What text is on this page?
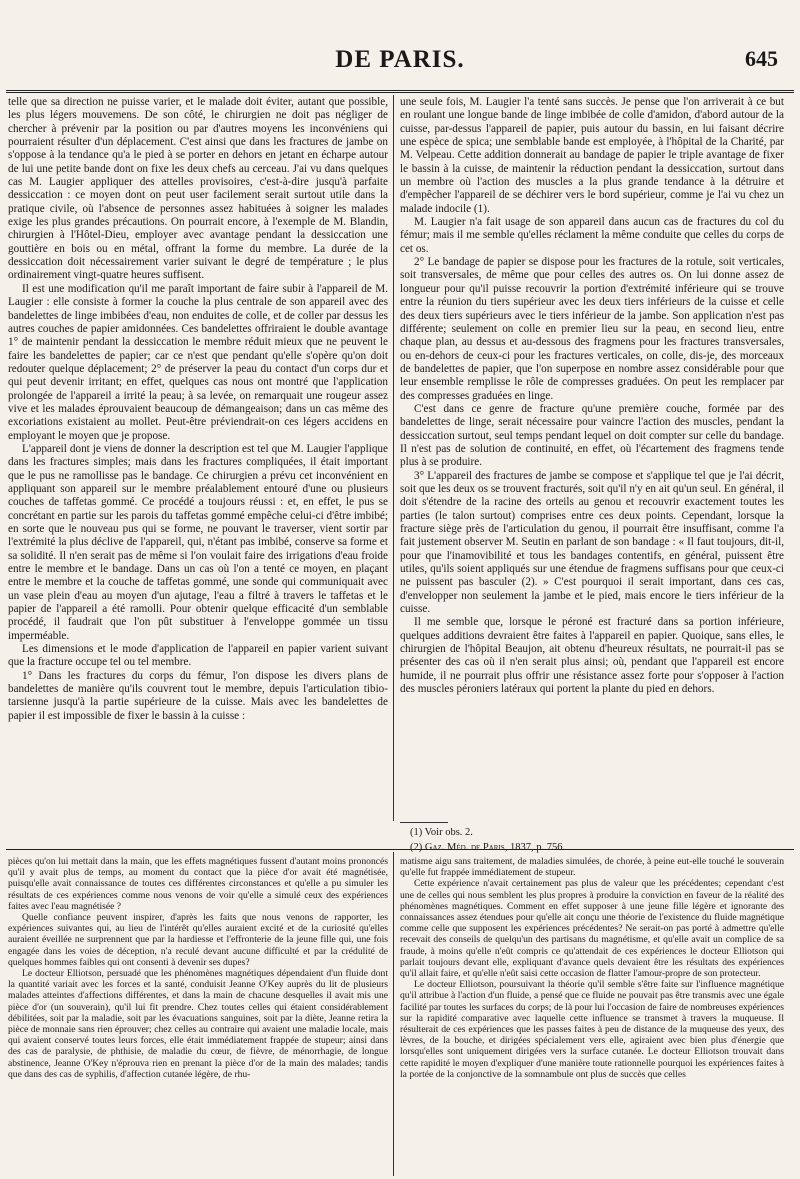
DE PARIS.	645

telle que sa direction ne puisse varier, et le malade doit éviter, autant que possible, les plus légers mouvemens. De son côté, le chirurgien ne doit pas négliger de chercher à prévenir par la position ou par d'autres moyens les inconvéniens qui pourraient résulter d'un déplacement. C'est ainsi que dans les fractures de jambe on s'oppose à la tendance qu'a le pied à se porter en dehors en jetant en écharpe autour de lui une petite bande dont on fixe les deux chefs au cerceau. J'ai vu dans quelques cas M. Laugier appliquer des attelles provisoires, c'est-à-dire jusqu'à parfaite dessiccation : ce moyen dont on peut user facilement serait surtout utile dans la pratique civile, où l'absence de personnes assez habituées à soigner les malades exige les plus grandes précautions. On pourrait encore, à l'exemple de M. Blandin, chirurgien à l'Hôtel-Dieu, employer avec avantage pendant la dessiccation une gouttière en bois ou en métal, offrant la forme du membre. La durée de la dessiccation doit nécessairement varier suivant le degré de température ; le plus ordinairement vingt-quatre heures suffisent.

Il est une modification qu'il me paraît important de faire subir à l'appareil de M. Laugier : elle consiste à former la couche la plus centrale de son appareil avec des bandelettes de linge imbibées d'eau, non enduites de colle, et de coller par dessus les autres couches de papier amidonnées. Ces bandelettes offriraient le double avantage 1° de maintenir pendant la dessiccation le membre réduit mieux que ne peuvent le faire les bandelettes de papier; car ce n'est que pendant qu'elle s'opère qu'on doit redouter quelque déplacement; 2° de préserver la peau du contact d'un corps dur et qui peut devenir irritant; en effet, quelques cas nous ont montré que l'application prolongée de l'appareil a irrité la peau; à sa levée, on remarquait une rougeur assez vive et les malades éprouvaient beaucoup de démangeaison; dans un cas même des excoriations existaient au mollet. Peut-être préviendrait-on ces légers accidens en employant le moyen que je propose.

L'appareil dont je viens de donner la description est tel que M. Laugier l'applique dans les fractures simples; mais dans les fractures compliquées, il était important que le pus ne ramollisse pas le bandage. Ce chirurgien a prévu cet inconvénient en appliquant son appareil sur le membre préalablement entouré d'une ou plusieurs couches de taffetas gommé. Ce procédé a toujours réussi : et, en effet, le pus se concrétant en partie sur les parois du taffetas gommé empêche celui-ci d'être imbibé; en sorte que le nouveau pus qui se forme, ne pouvant le traverser, vient sortir par l'extrémité la plus déclive de l'appareil, qui, n'étant pas imbibé, conserve sa forme et sa solidité. Il n'en serait pas de même si l'on voulait faire des irrigations d'eau froide entre le membre et le bandage. Dans un cas où l'on a tenté ce moyen, en plaçant entre le membre et la couche de taffetas gommé, une sonde qui communiquait avec un vase plein d'eau au moyen d'un ajutage, l'eau a filtré à travers le taffetas et le papier de l'appareil a été ramolli. Pour obtenir quelque efficacité d'un semblable procédé, il faudrait que l'on pût substituer à l'enveloppe gommée un tissu imperméable.

Les dimensions et le mode d'application de l'appareil en papier varient suivant que la fracture occupe tel ou tel membre.

1° Dans les fractures du corps du fémur, l'on dispose les divers plans de bandelettes de manière qu'ils couvrent tout le membre, depuis l'articulation tibio-tarsienne jusqu'à la partie supérieure de la cuisse. Mais avec les bandelettes de papier il est impossible de fixer le bassin à la cuisse :

une seule fois, M. Laugier l'a tenté sans succès. Je pense que l'on arriverait à ce but en roulant une longue bande de linge imbibée de colle d'amidon, d'abord autour de la cuisse, par-dessus l'appareil de papier, puis autour du bassin, en lui faisant décrire une espèce de spica; une semblable bande est employée, à l'hôpital de la Charité, par M. Velpeau. Cette addition donnerait au bandage de papier le triple avantage de fixer le bassin à la cuisse, de maintenir la réduction pendant la dessiccation, surtout dans un membre où l'action des muscles a la plus grande tendance à la détruire et d'empêcher l'appareil de se déchirer vers le bord supérieur, comme je l'ai vu chez un malade indocile (1).

M. Laugier n'a fait usage de son appareil dans aucun cas de fractures du col du fémur; mais il me semble qu'elles réclament la même conduite que celles du corps de cet os.

2° Le bandage de papier se dispose pour les fractures de la rotule, soit verticales, soit transversales, de même que pour celles des autres os. On lui donne assez de longueur pour qu'il puisse recouvrir la portion d'extrémité inférieure qui se trouve entre la réunion du tiers supérieur avec les deux tiers inférieurs de la cuisse et celle des deux tiers supérieurs avec le tiers inférieur de la jambe. Son application n'est pas différente; seulement on colle en premier lieu sur la peau, en second lieu, entre chaque plan, au dessus et au-dessous des fragmens pour les fractures transversales, ou en-dehors de ceux-ci pour les fractures verticales, on colle, dis-je, des morceaux de bandelettes de papier, que l'on superpose en nombre assez considérable pour que leur ensemble remplisse le rôle de compresses graduées. On peut les remplacer par des compresses graduées en linge.

C'est dans ce genre de fracture qu'une première couche, formée par des bandelettes de linge, serait nécessaire pour vaincre l'action des muscles, pendant la dessiccation surtout, seul temps pendant lequel on doit compter sur celle du bandage. Il n'est pas de solution de continuité, en effet, où l'écartement des fragmens tende plus à se produire.

3° L'appareil des fractures de jambe se compose et s'applique tel que je l'ai décrit, soit que les deux os se trouvent fracturés, soit qu'il n'y en ait qu'un seul. En général, il doit s'étendre de la racine des orteils au genou et recouvrir exactement toutes les parties (le talon surtout) comprises entre ces deux points. Cependant, lorsque la fracture siège près de l'articulation du genou, il pourrait être insuffisant, comme l'a fait justement observer M. Seutin en parlant de son bandage : « Il faut toujours, dit-il, pour que l'inamovibilité et tous les bandages contentifs, en général, puissent être utiles, qu'ils soient appliqués sur une étendue de fragmens suffisans pour que ceux-ci ne puissent pas basculer (2). » C'est pourquoi il serait important, dans ces cas, d'envelopper non seulement la jambe et le pied, mais encore le tiers inférieur de la cuisse.

Il me semble que, lorsque le péroné est fracturé dans sa portion inférieure, quelques additions devraient être faites à l'appareil en papier. Quoique, sans elles, le chirurgien de l'hôpital Beaujon, ait obtenu d'heureux résultats, ne pourrait-il pas se présenter des cas où il n'en serait plus ainsi; où, pendant que l'appareil est encore humide, il ne pourrait plus offrir une résistance assez forte pour s'opposer à l'action des muscles péroniers latéraux qui portent la plante du pied en dehors.

(1) Voir obs. 2.
(2) Gaz. Méd. de Paris, 1837, p. 756.

pièces qu'on lui mettait dans la main, que les effets magnétiques fussent d'autant moins prononcés qu'il y avait plus de temps, au moment du contact que la pièce d'or avait été magnétisée, puisqu'elle avait connaissance de toutes ces différentes circonstances et qu'elle a pu simuler les résultats de ces expériences comme nous venons de voir qu'elle a simulé ceux des expériences faites avec l'eau magnétisée ?

Quelle confiance peuvent inspirer, d'après les faits que nous venons de rapporter, les expériences suivantes qui, au lieu de l'intérêt qu'elles auraient excité et de la curiosité qu'elles auraient éveillée ne surprennent que par la hardiesse et l'effronterie de la jeune fille qui, une fois engagée dans les voies de déception, n'a reculé devant aucune difficulté et par la crédulité de quelques hommes faibles qui ont consenti à devenir ses dupes?

Le docteur Elliotson, persuadé que les phénomènes magnétiques dépendaient d'un fluide dont la quantité variait avec les forces et la santé, conduisit Jeanne O'Key auprès du lit de plusieurs malades atteintes d'affections différentes, et dans la main de chacune desquelles il avait mis une pièce d'or (un souverain), qu'il lui fit prendre. Chez toutes celles qui étaient considérablement débilitées, soit par la maladie, soit par les évacuations sanguines, soit par la diète, Jeanne retira la pièce de monnaie sans rien éprouver; chez celles au contraire qui avaient une maladie locale, mais qui avaient conservé toutes leurs forces, elle était immédiatement frappée de stupeur; ainsi dans des cas de paralysie, de phthisie, de maladie du cœur, de fièvre, de ménorrhagie, de longue abstinence, Jeanne O'Key n'éprouva rien en prenant la pièce d'or de la main des malades; tandis que dans des cas de syphilis, d'affection cutanée légère, de rhu-

matisme aigu sans traitement, de maladies simulées, de chorée, à peine eut-elle touché le souverain qu'elle fut frappée immédiatement de stupeur.

Cette expérience n'avait certainement pas plus de valeur que les précédentes; cependant c'est une de celles qui nous semblent les plus propres à produire la conviction en faveur de la réalité des phénomènes magnétiques. Comment en effet supposer à une jeune fille légère et ignorante des connaissances assez étendues pour qu'elle ait conçu une théorie de l'existence du fluide magnétique comme celle que supposent les expériences précédentes? Ne serait-on pas porté à admettre qu'elle recevait des conseils de quelqu'un des partisans du magnétisme, et qu'elle avait un complice de sa fraude, à moins qu'elle n'eût compris ce qu'attendait de ces expériences le docteur Elliotson qui parlait toujours devant elle, expliquant d'avance quels devaient être les résultats des expériences qu'il allait faire, et qu'elle n'eût saisi cette occasion de flatter l'amour-propre de son protecteur.

Le docteur Elliotson, poursuivant la théorie qu'il semble s'être faite sur l'influence magnétique qu'il attribue à l'action d'un fluide, a pensé que ce fluide ne pouvait pas être transmis avec une égale facilité par toutes les surfaces du corps; de là pour lui l'occasion de faire de nombreuses expériences sur la rapidité comparative avec laquelle cette influence se transmet à travers la muqueuse. Il résulterait de ces expériences que les passes faites à peu de distance de la muqueuse des yeux, des lèvres, de la bouche, et dirigées spécialement vers elle, agiraient avec bien plus d'énergie que lorsqu'elles sont uniquement dirigées vers la surface cutanée. Le docteur Elliotson trouvait dans cette rapidité le moyen d'expliquer d'une manière toute rationnelle pourquoi les expériences faites à la portée de la conjonctive de la somnambule ont plus de succès que celles
